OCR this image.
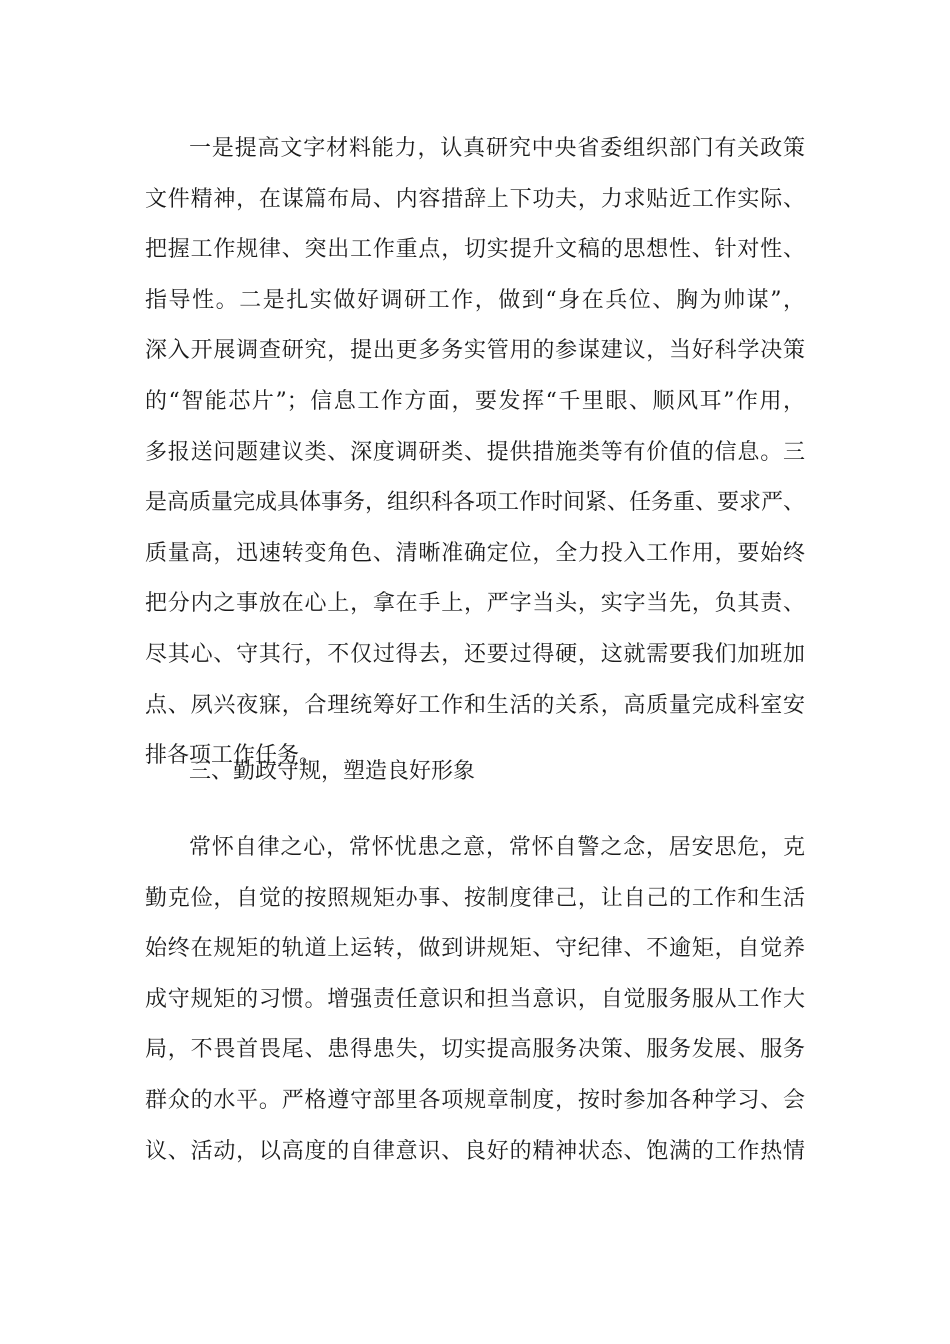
一是提高文字材料能力，认真研究中央省委组织部门有关政策
文件精神，在谋篇布局、内容措辞上下功夫，力求贴近工作实际、
把握工作规律、突出工作重点，切实提升文稿的思想性、针对性、
指导性。二是扎实做好调研工作，做到“身在兵位、胸为帅谋”，
深入开展调查研究，提出更多务实管用的参谋建议，当好科学决策
的“智能芯片”；信息工作方面，要发挥“千里眼、顺风耳”作用，
多报送问题建议类、深度调研类、提供措施类等有价值的信息。三
是高质量完成具体事务，组织科各项工作时间紧、任务重、要求严、
质量高，迅速转变角色、清晰准确定位，全力投入工作用，要始终
把分内之事放在心上，拿在手上，严字当头，实字当先，负其责、
尽其心、守其行，不仅过得去，还要过得硬，这就需要我们加班加
点、夙兴夜寐，合理统筹好工作和生活的关系，高质量完成科室安
排各项工作任务。
三、勤政守规，塑造良好形象
常怀自律之心，常怀忧患之意，常怀自警之念，居安思危，克
勤克俭，自觉的按照规矩办事、按制度律己，让自己的工作和生活
始终在规矩的轨道上运转，做到讲规矩、守纪律、不逾矩，自觉养
成守规矩的习惯。增强责任意识和担当意识，自觉服务服从工作大
局，不畏首畏尾、患得患失，切实提高服务决策、服务发展、服务
群众的水平。严格遵守部里各项规章制度，按时参加各种学习、会
议、活动，以高度的自律意识、良好的精神状态、饱满的工作热情
